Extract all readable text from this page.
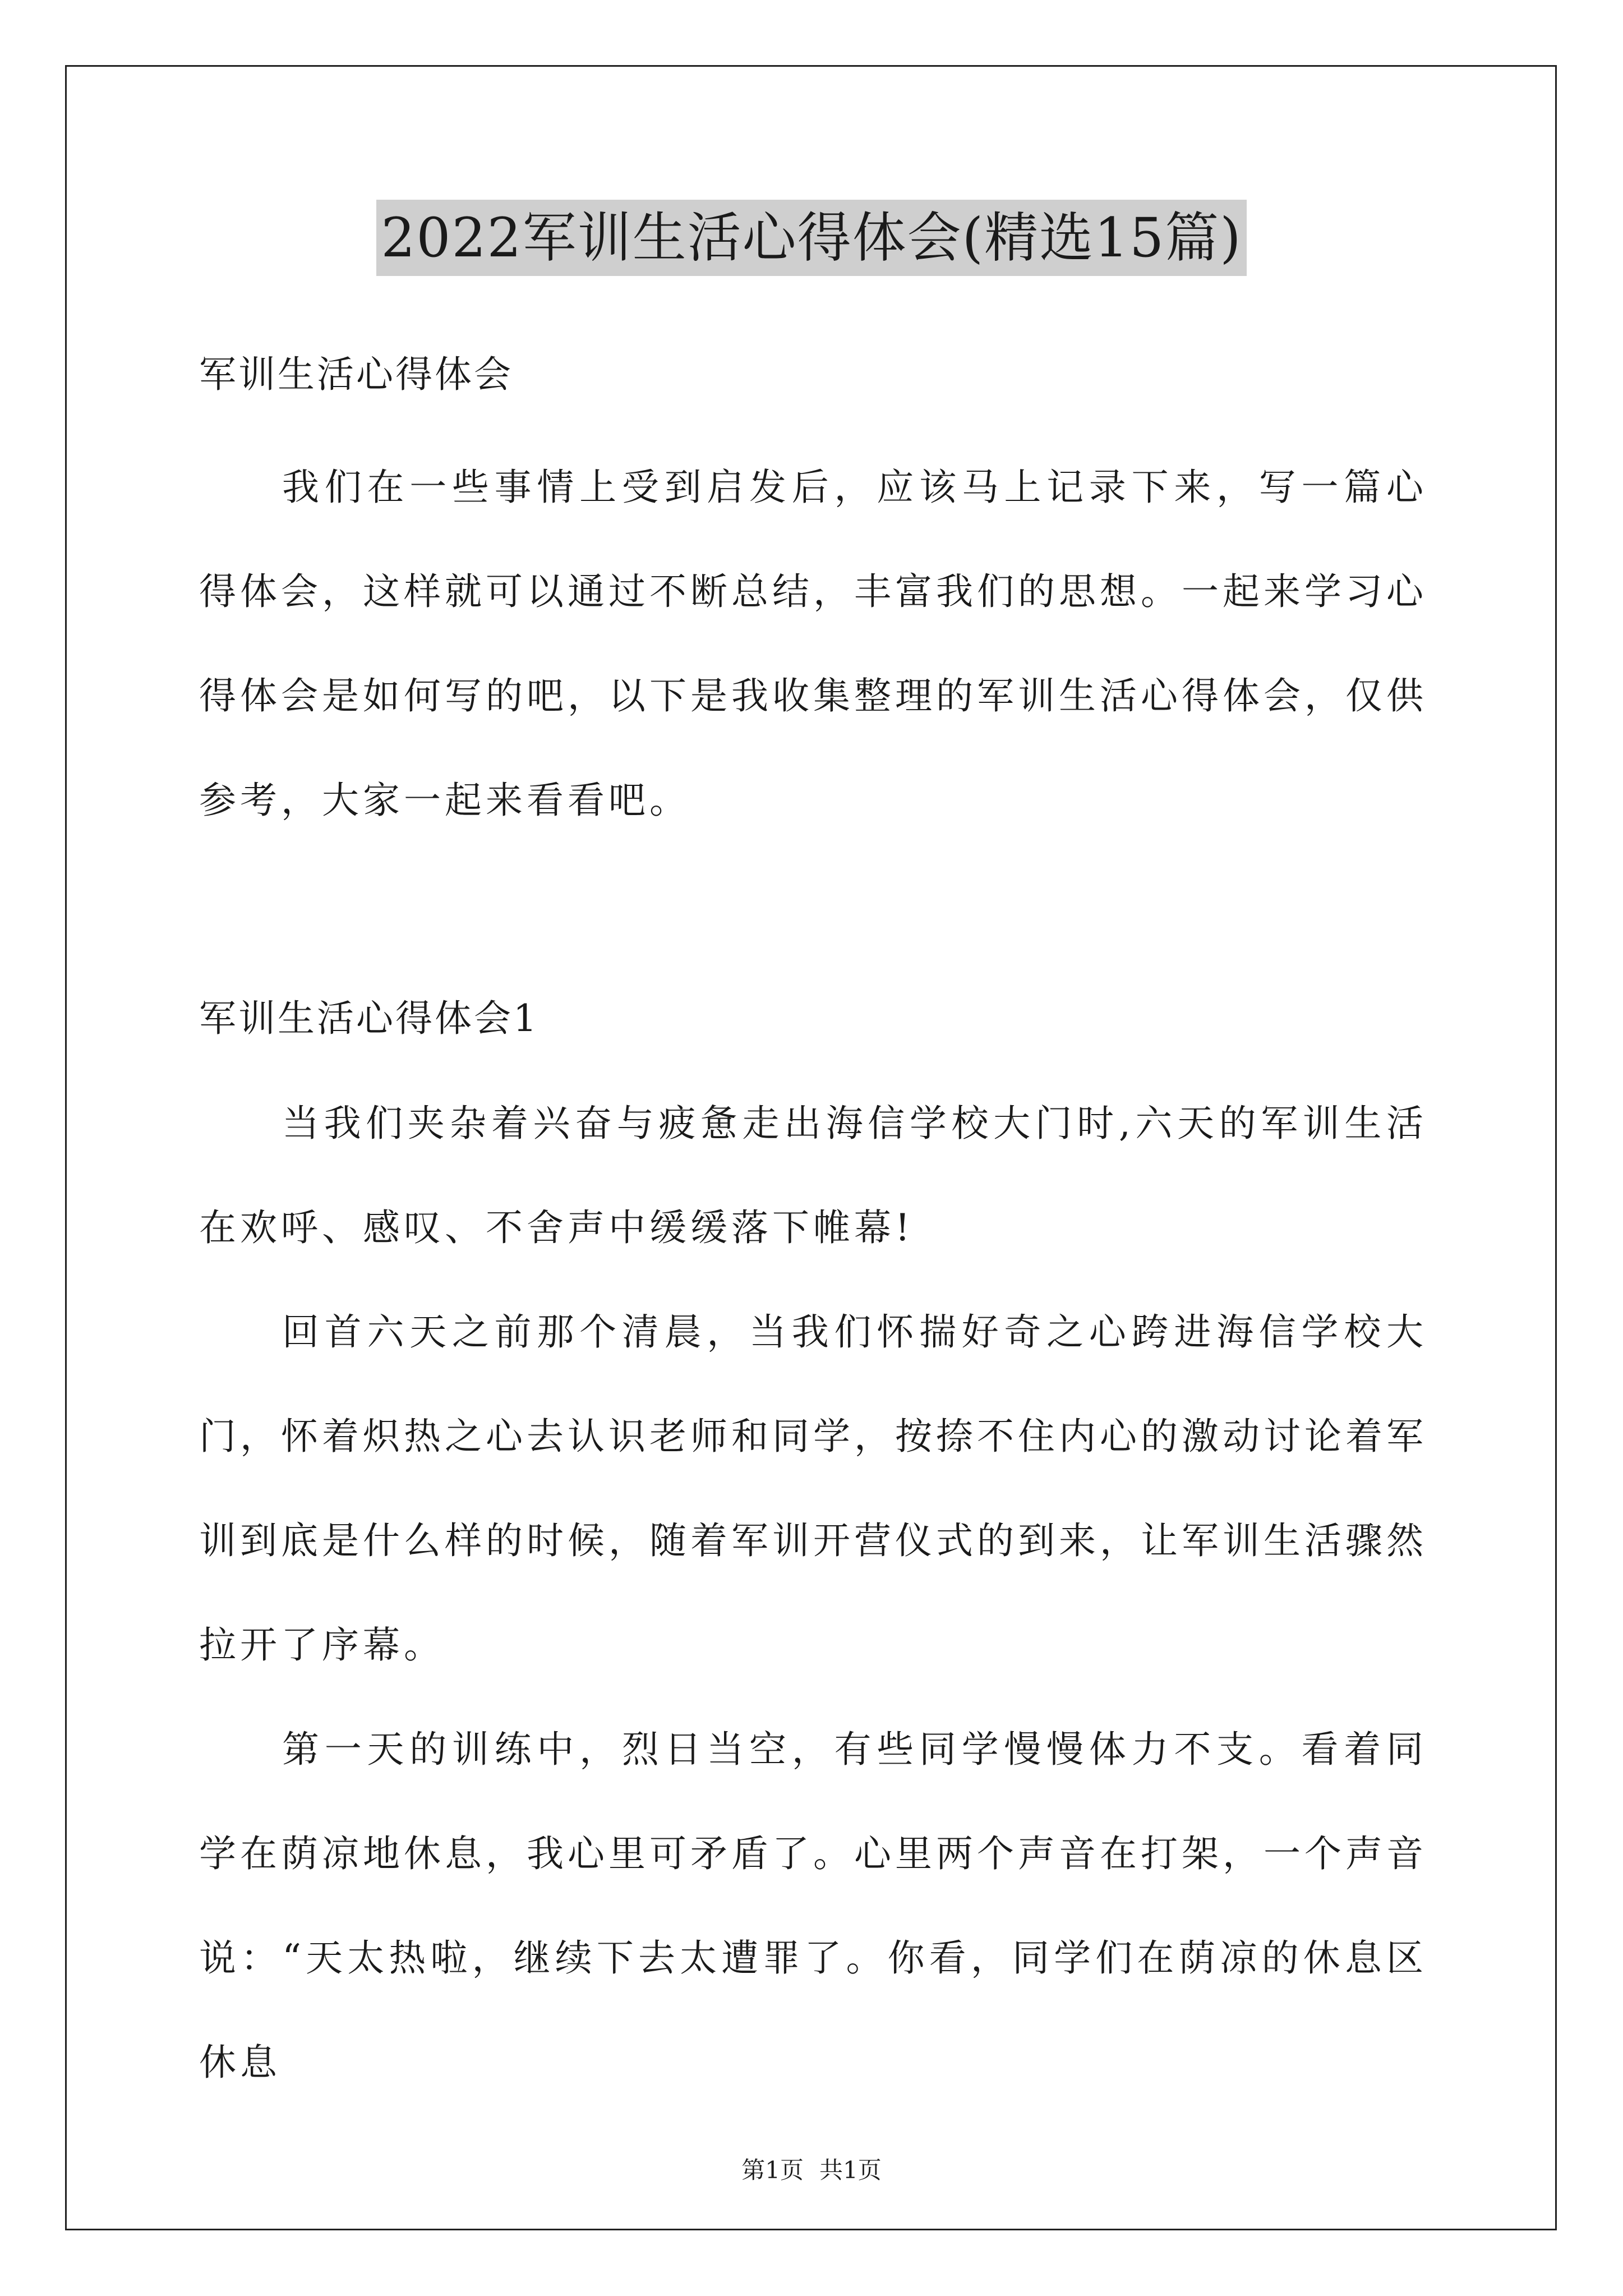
2022军训生活心得体会(精选15篇)
军训生活心得体会

我们在一些事情上受到启发后，应该马上记录下来，写一篇心得体会，这样就可以通过不断总结，丰富我们的思想。一起来学习心得体会是如何写的吧，以下是我收集整理的军训生活心得体会，仅供参考，大家一起来看看吧。

军训生活心得体会1

当我们夹杂着兴奋与疲惫走出海信学校大门时,六天的军训生活在欢呼、感叹、不舍声中缓缓落下帷幕!

回首六天之前那个清晨，当我们怀揣好奇之心跨进海信学校大门，怀着炽热之心去认识老师和同学，按捺不住内心的激动讨论着军训到底是什么样的时候，随着军训开营仪式的到来，让军训生活骤然拉开了序幕。

第一天的训练中，烈日当空，有些同学慢慢体力不支。看着同学在荫凉地休息，我心里可矛盾了。心里两个声音在打架，一个声音说：“天太热啦，继续下去太遭罪了。你看，同学们在荫凉的休息区休息

第1页 共1页
